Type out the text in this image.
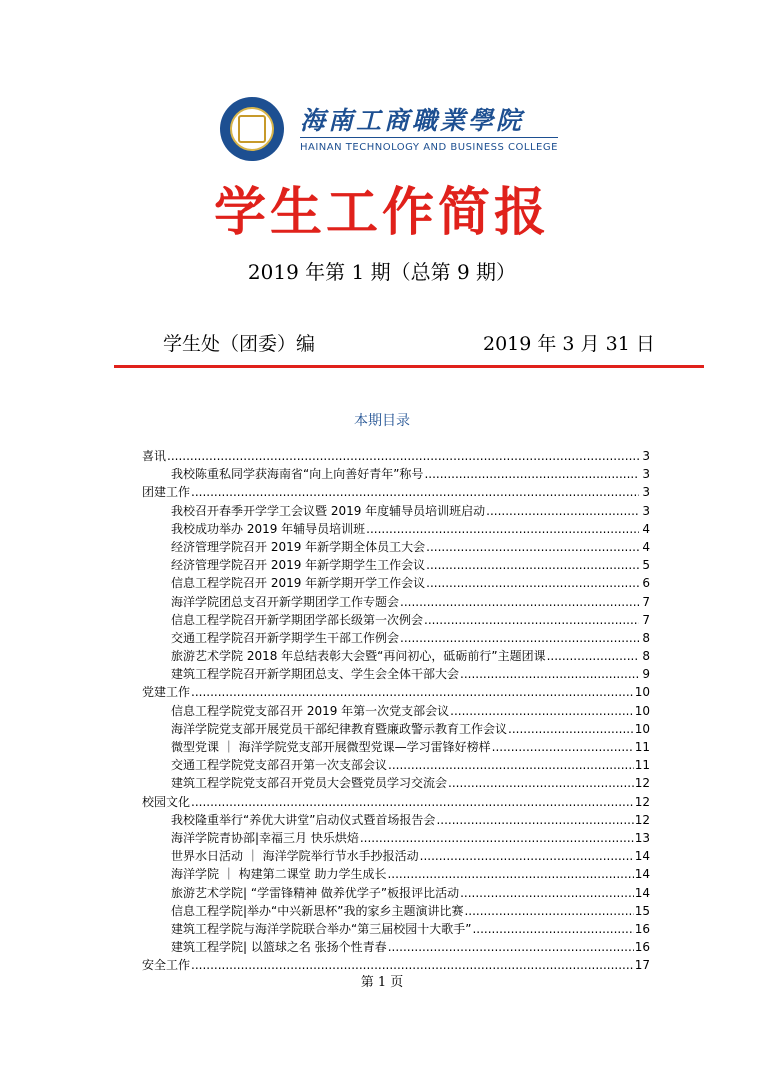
海南工商職業學院
HAINAN TECHNOLOGY AND BUSINESS COLLEGE
学生工作简报
2019 年第 1 期（总第 9 期）
学生处（团委）编	2019 年 3 月 31 日
本期目录
喜讯 .....	3
我校陈重私同学获海南省“向上向善好青年”称号 .....	3
团建工作 .....	3
我校召开春季开学学工会议暨 2019 年度辅导员培训班启动 .....	3
我校成功举办 2019 年辅导员培训班 .....	4
经济管理学院召开 2019 年新学期全体员工大会 .....	4
经济管理学院召开 2019 年新学期学生工作会议 .....	5
信息工程学院召开 2019 年新学期开学工作会议 .....	6
海洋学院团总支召开新学期团学工作专题会 .....	7
信息工程学院召开新学期团学部长级第一次例会 .....	7
交通工程学院召开新学期学生干部工作例会 .....	8
旅游艺术学院 2018 年总结表彰大会暨“再问初心，砥砺前行”主题团课 .....	8
建筑工程学院召开新学期团总支、学生会全体干部大会 .....	9
党建工作 .....	10
信息工程学院党支部召开 2019 年第一次党支部会议 .....	10
海洋学院党支部开展党员干部纪律教育暨廉政警示教育工作会议 .....	10
微型党课 ｜ 海洋学院党支部开展微型党课—学习雷锋好榜样 .....	11
交通工程学院党支部召开第一次支部会议 .....	11
建筑工程学院党支部召开党员大会暨党员学习交流会 .....	12
校园文化 .....	12
我校隆重举行“养优大讲堂”启动仪式暨首场报告会 .....	12
海洋学院青协部|幸福三月 快乐烘焙 .....	13
世界水日活动 ｜ 海洋学院举行节水手抄报活动 .....	14
海洋学院 ｜ 构建第二课堂 助力学生成长 .....	14
旅游艺术学院| “学雷锋精神 做养优学子”板报评比活动 .....	14
信息工程学院|举办“中兴新思杯”我的家乡主题演讲比赛 .....	15
建筑工程学院与海洋学院联合举办“第三届校园十大歌手” .....	16
建筑工程学院| 以篮球之名 张扬个性青春 .....	16
安全工作 .....	17
第 1 页
